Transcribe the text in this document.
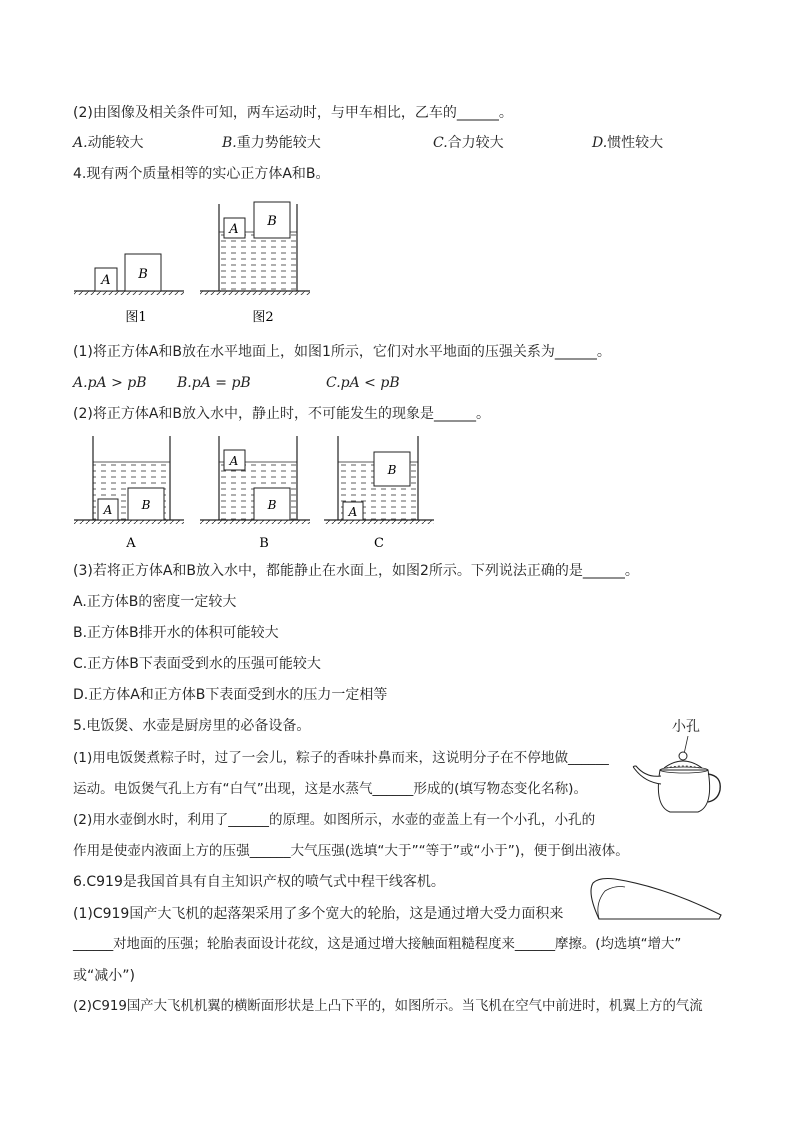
(2)由图像及相关条件可知，两车运动时，与甲车相比，乙车的______。
A.动能较大	B.重力势能较大	C.合力较大	D.惯性较大
4.现有两个质量相等的实心正方体A和B。
A B
图1
A
B
图2
(1)将正方体A和B放在水平地面上，如图1所示，它们对水平地面的压强关系为______。
A.pA > pB B.pA = pB	C.pA < pB
(2)将正方体A和B放入水中，静止时，不可能发生的现象是______。
A B
A
A
B
B
A
B
C
(3)若将正方体A和B放入水中，都能静止在水面上，如图2所示。下列说法正确的是______。
A.正方体B的密度一定较大
B.正方体B排开水的体积可能较大
C.正方体B下表面受到水的压强可能较大
D.正方体A和正方体B下表面受到水的压力一定相等
5.电饭煲、水壶是厨房里的必备设备。
(1)用电饭煲煮粽子时，过了一会儿，粽子的香味扑鼻而来，这说明分子在不停地做______
运动。电饭煲气孔上方有“白气”出现，这是水蒸气______形成的(填写物态变化名称)。
(2)用水壶倒水时，利用了______的原理。如图所示，水壶的壶盖上有一个小孔，小孔的
作用是使壶内液面上方的压强______大气压强(选填“大于”“等于”或“小于”)，便于倒出液体。
小孔
6.C919是我国首具有自主知识产权的喷气式中程干线客机。
(1)C919国产大飞机的起落架采用了多个宽大的轮胎，这是通过增大受力面积来
______对地面的压强；轮胎表面设计花纹，这是通过增大接触面粗糙程度来______摩擦。(均选填“增大”
或“减小”)
(2)C919国产大飞机机翼的横断面形状是上凸下平的，如图所示。当飞机在空气中前进时，机翼上方的气流
